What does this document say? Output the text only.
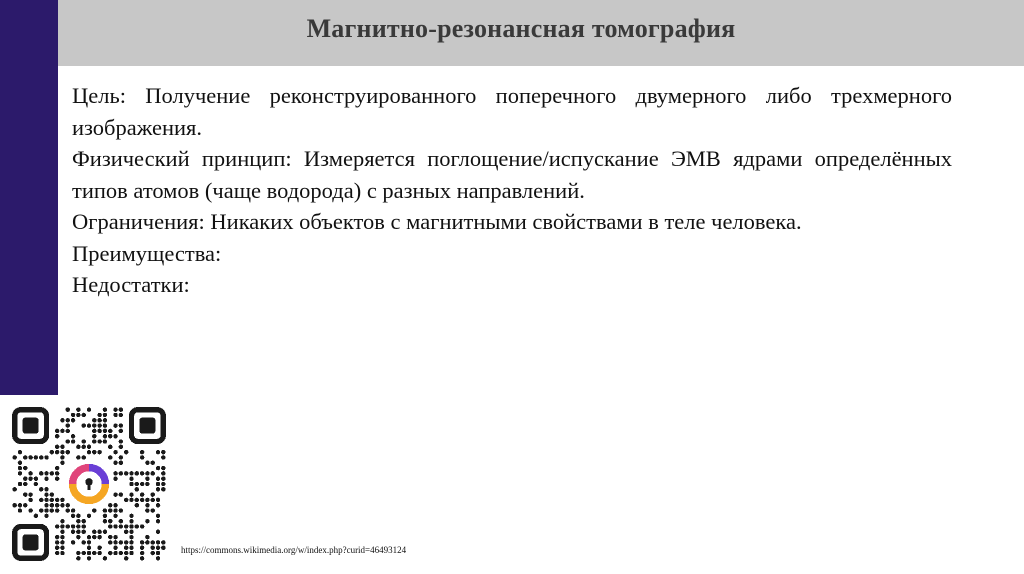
Магнитно-резонансная томография

Цель: Получение реконструированного поперечного двумерного либо трехмерного изображения.

Физический принцип: Измеряется поглощение/испускание ЭМВ ядрами определённых типов атомов (чаще водорода) с разных направлений.

Ограничения: Никаких объектов с магнитными свойствами в теле человека.

Преимущества:

Недостатки:

https://commons.wikimedia.org/w/index.php?curid=46493124
